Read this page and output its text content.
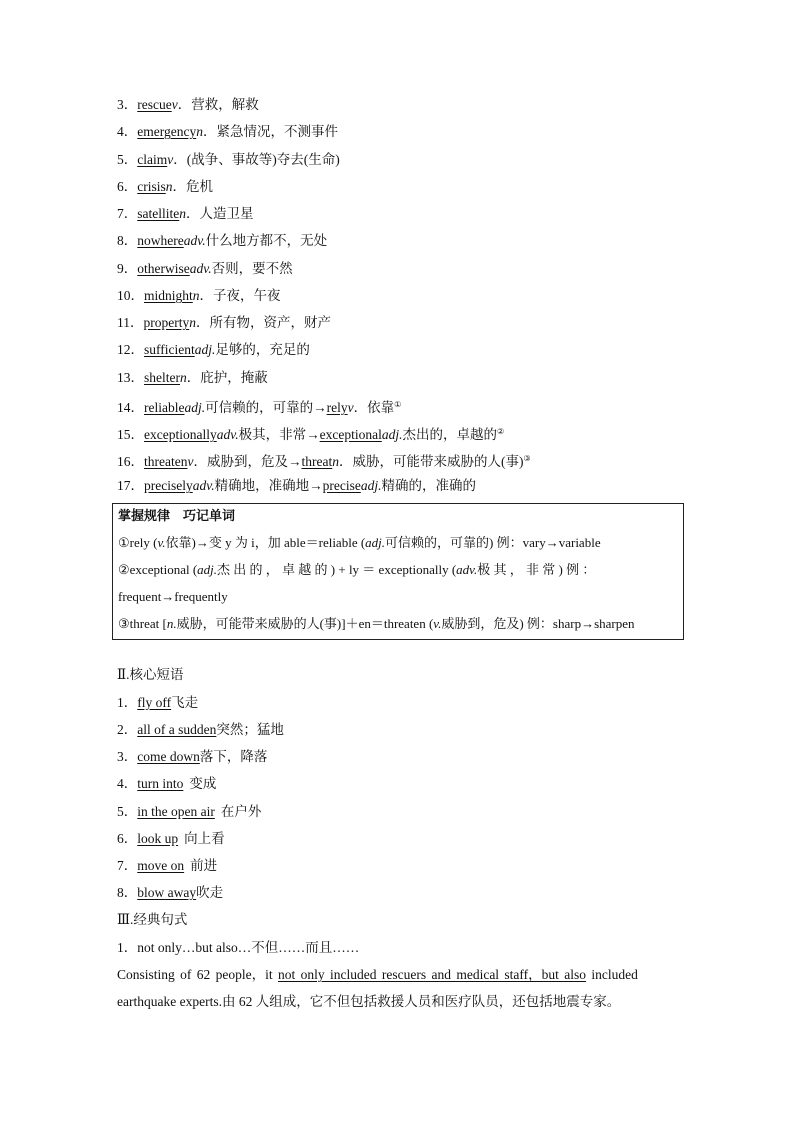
3．rescuev．营救，解救
4．emergencyn．紧急情况，不测事件
5．claimv．(战争、事故等)夺去(生命)
6．crisisn．危机
7．satelliten．人造卫星
8．nowhereadv.什么地方都不，无处
9．otherwiseadv.否则，要不然
10．midnightn．子夜，午夜
11．propertyn．所有物，资产，财产
12．sufficientadj.足够的，充足的
13．sheltern．庇护，掩蔽
14．reliableadj.可信赖的，可靠的→relyv．依靠①
15．exceptionallyadv.极其，非常→exceptionaladj.杰出的，卓越的②
16．threatenv．威胁到，危及→threatn．威胁，可能带来威胁的人(事)③
17．preciselyadv.精确地，准确地→preciseadj.精确的，准确的
掌握规律　巧记单词
①rely (v.依靠)→变 y 为 i，加 able＝reliable (adj.可信赖的，可靠的) 例：vary→variable
②exceptional (adj.杰 出 的 ， 卓 越 的 ) + ly ＝ exceptionally (adv.极 其 ， 非 常 ) 例 ：
frequent→frequently
③threat [n.威胁，可能带来威胁的人(事)]＋en＝threaten (v.威胁到，危及) 例：sharp→sharpen
Ⅱ.核心短语
1．fly off飞走
2．all of a sudden突然；猛地
3．come down落下，降落
4．turn into 变成
5．in the open air 在户外
6．look up 向上看
7．move on 前进
8．blow away吹走
Ⅲ.经典句式
1．not only…but also…不但……而且……
Consisting of 62 people，it not only included rescuers and medical staff，but also included
earthquake experts.由 62 人组成，它不但包括救援人员和医疗队员，还包括地震专家。
